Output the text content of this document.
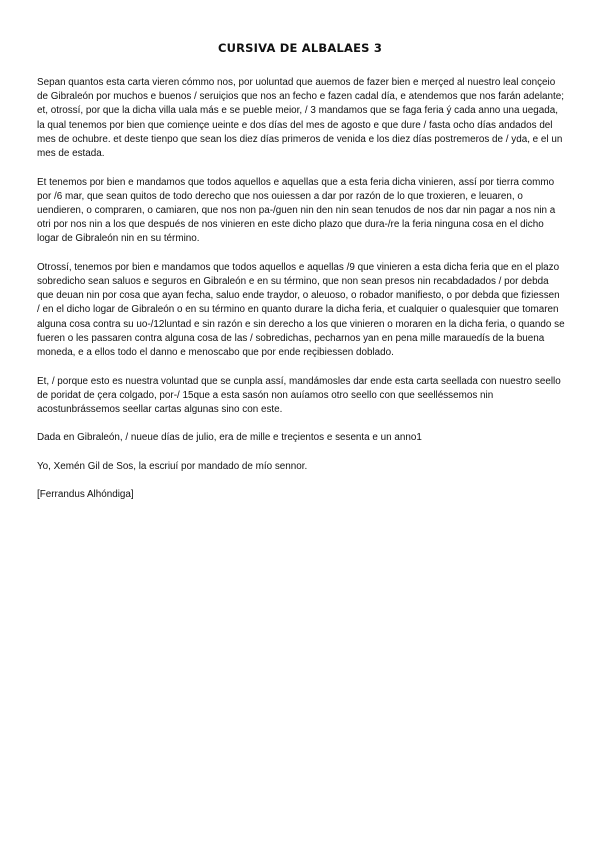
CURSIVA DE ALBALAES 3

Sepan quantos esta carta vieren cómmo nos, por uoluntad que auemos de fazer bien e merçed al nuestro leal conçeio de Gibraleón por muchos e buenos / seruiçios que nos an fecho e fazen cadal día, e atendemos que nos farán adelante; et, otrossí, por que la dicha villa uala más e se pueble meior, / 3 mandamos que se faga feria ý cada anno una uegada, la qual tenemos por bien que comiençe ueinte e dos días del mes de agosto e que dure / fasta ocho días andados del mes de ochubre. et deste tienpo que sean los diez días primeros de venida e los diez días postremeros de / yda, e el un mes de estada.

Et tenemos por bien e mandamos que todos aquellos e aquellas que a esta feria dicha vinieren, assí por tierra commo por /6 mar, que sean quitos de todo derecho que nos ouiessen a dar por razón de lo que troxieren, e leuaren, o uendieren, o compraren, o camiaren, que nos non pa-/guen nin den nin sean tenudos de nos dar nin pagar a nos nin a otri por nos nin a los que después de nos vinieren en este dicho plazo que dura-/re la feria ninguna cosa en el dicho logar de Gibraleón nin en su término.

Otrossí, tenemos por bien e mandamos que todos aquellos e aquellas /9 que vinieren a esta dicha feria que en el plazo sobredicho sean saluos e seguros en Gibraleón e en su término, que non sean presos nin recabdadados / por debda que deuan nin por cosa que ayan fecha, saluo ende traydor, o aleuoso, o robador manifiesto, o por debda que fiziessen / en el dicho logar de Gibraleón o en su término en quanto durare la dicha feria, et cualquier o qualesquier que tomaren alguna cosa contra su uo-/12luntad e sin razón e sin derecho a los que vinieren o moraren en la dicha feria, o quando se fueren o les passaren contra alguna cosa de las / sobredichas, pecharnos yan en pena mille marauedís de la buena moneda, e a ellos todo el danno e menoscabo que por ende reçibiessen doblado.

Et, / porque esto es nuestra voluntad que se cunpla assí, mandámosles dar ende esta carta seellada con nuestro seello de poridat de çera colgado, por-/ 15que a esta sasón non auíamos otro seello con que seelléssemos nin acostunbrássemos seellar cartas algunas sino con este.

Dada en Gibraleón, / nueue días de julio, era de mille e treçientos e sesenta e un anno1

Yo, Xemén Gil de Sos, la escriuí por mandado de mío sennor.

[Ferrandus Alhóndiga]
